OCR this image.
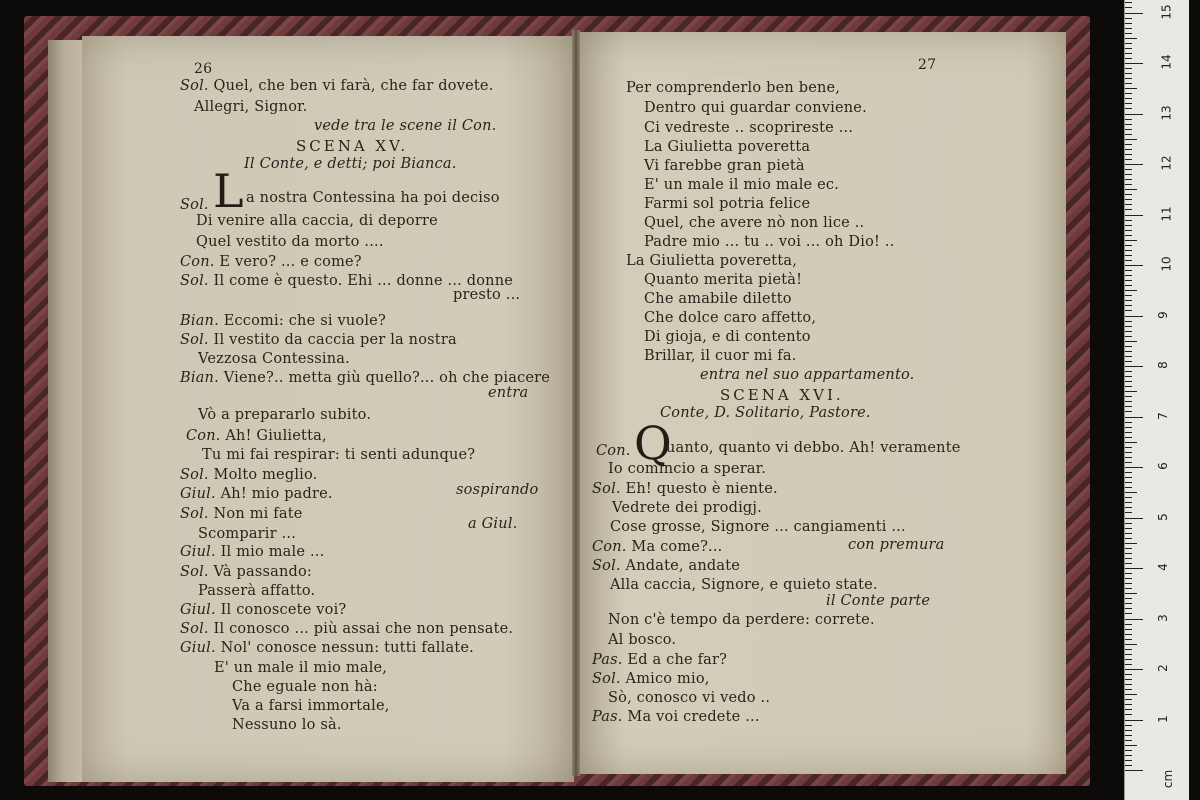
26
Sol. Quel, che ben vi farà, che far dovete.
Allegri, Signor.
vede tra le scene il Con.
SCENA XV.
Il Conte, e detti; poi Bianca.
Sol. L a nostra Contessina ha poi deciso
Di venire alla caccia, di deporre
Quel vestito da morto ....
Con. E vero? ... e come?
Sol. Il come è questo. Ehi ... donne ... donne
presto ...
Bian. Eccomi: che si vuole?
Sol. Il vestito da caccia per la nostra
Vezzosa Contessina.
Bian. Viene?.. metta giù quello?... oh che piacere
entra
Vò a prepararlo subito.
Con. Ah! Giulietta,
Tu mi fai respirar: ti senti adunque?
Sol. Molto meglio.
Giul. Ah! mio padre.	sospirando
Sol. Non mi fate
a Giul.
Scomparir ...
Giul. Il mio male ...
Sol. Và passando:
Passerà affatto.
Giul. Il conoscete voi?
Sol. Il conosco ... più assai che non pensate.
Giul. Nol' conosce nessun: tutti fallate.
E' un male il mio male,
Che eguale non hà:
Va a farsi immortale,
Nessuno lo sà.
27
Per comprenderlo ben bene,
Dentro qui guardar conviene.
Ci vedreste .. scoprireste ...
La Giulietta poveretta
Vi farebbe gran pietà
E' un male il mio male ec.
Farmi sol potria felice
Quel, che avere nò non lice ..
Padre mio ... tu .. voi ... oh Dio! ..
La Giulietta poveretta,
Quanto merita pietà!
Che amabile diletto
Che dolce caro affetto,
Di gioja, e di contento
Brillar, il cuor mi fa.
entra nel suo appartamento.
SCENA XVI.
Conte, D. Solitario, Pastore.
Con. Q
uanto, quanto vi debbo. Ah! veramente
Io comincio a sperar.
Sol. Eh! questo è niente.
Vedrete dei prodigj.
Cose grosse, Signore ... cangiamenti ...
Con. Ma come?...	con premura
Sol. Andate, andate
Alla caccia, Signore, e quieto state.
il Conte parte
Non c'è tempo da perdere: correte.
Al bosco.
Pas. Ed a che far?
Sol. Amico mio,
Sò, conosco vi vedo ..
Pas. Ma voi credete ...
cm
1
2
3
4
5
6
7
8
9
10
11
12
13
14
15
